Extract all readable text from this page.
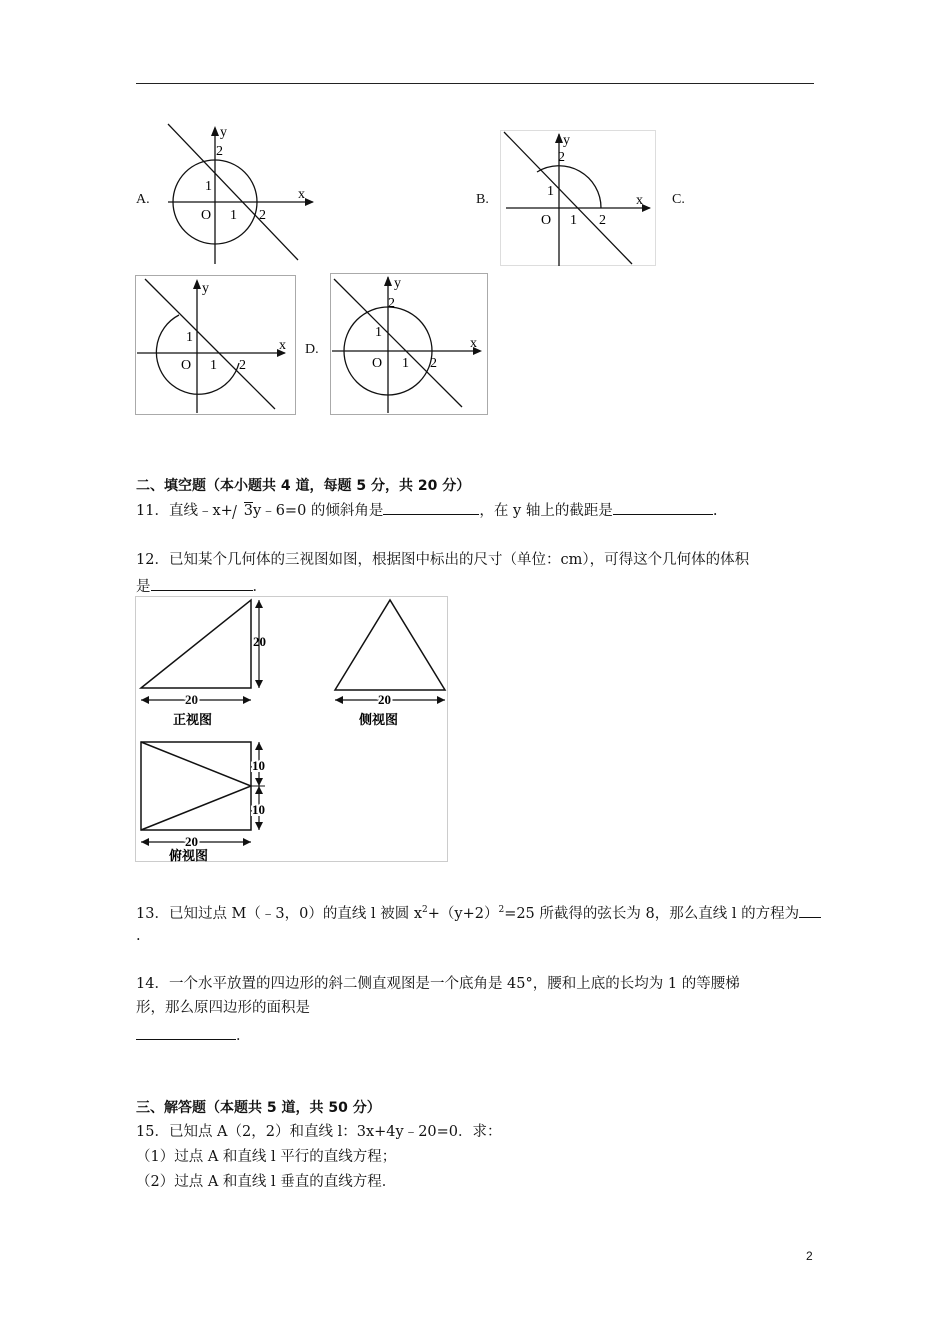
A.
y
x
2
1
O 1 2
B.
y
x
2
1
O 1 2
C.
y
x
1
O 1 2
D.
y
x
2
1
O 1 2
二、填空题（本小题共 4 道，每题 5 分，共 20 分）
11．直线﹣x+ 3y﹣6=0 的倾斜角是	，在 y 轴上的截距是	.
12．已知某个几何体的三视图如图，根据图中标出的尺寸（单位：cm），可得这个几何体的体积
是	．
20
20
正视图
20
侧视图
10
10
20
俯视图
13．已知过点 M（﹣3，0）的直线 l 被圆 $x^2+(y+2)^2=25$ 所截得的弦长为 8，那么直线 l 的方程为
.
14．一个水平放置的四边形的斜二侧直观图是一个底角是 45°，腰和上底的长均为 1 的等腰梯
形，那么原四边形的面积是
．
三、解答题（本题共 5 道，共 50 分）
15．已知点 A（2，2）和直线 l：3x+4y﹣20=0．求：
（1）过点 A 和直线 l 平行的直线方程；
（2）过点 A 和直线 l 垂直的直线方程．
2
